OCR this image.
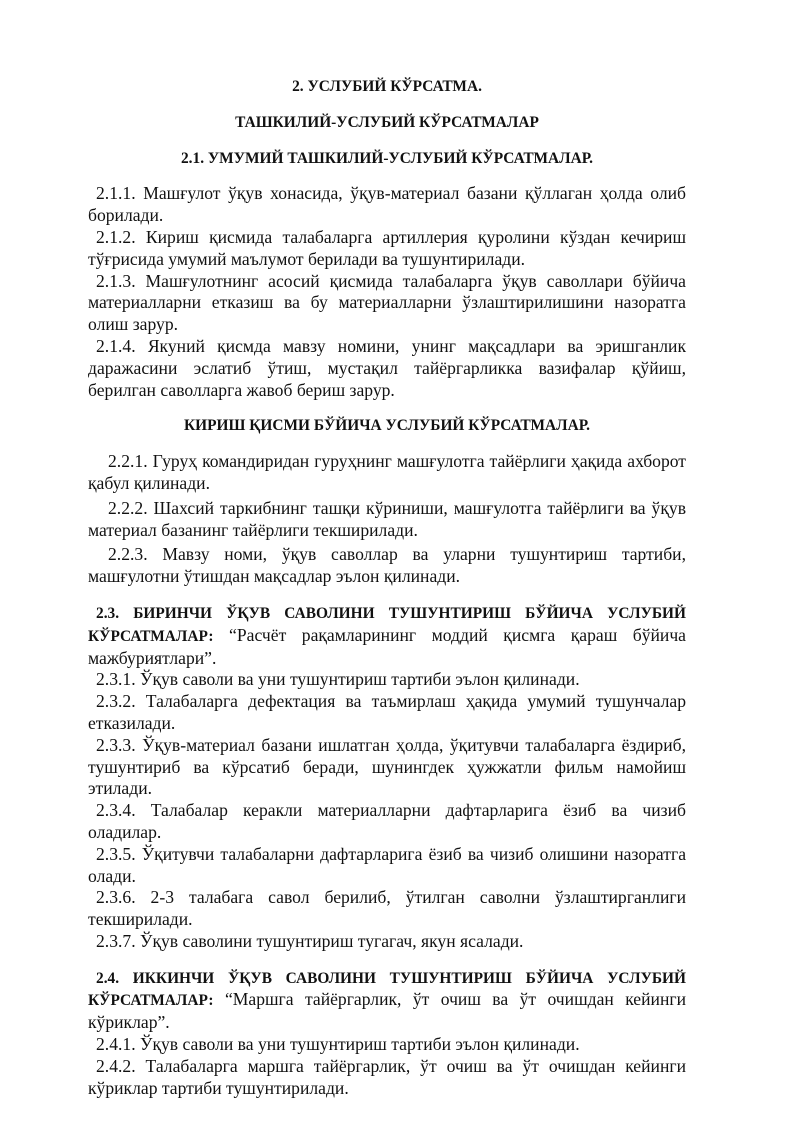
2. УСЛУБИЙ КЎРСАТМА.

ТАШКИЛИЙ-УСЛУБИЙ КЎРСАТМАЛАР

2.1. УМУМИЙ ТАШКИЛИЙ-УСЛУБИЙ КЎРСАТМАЛАР.

2.1.1. Машғулот ўқув хонасида, ўқув-материал базани қўллаган ҳолда олиб борилади.

2.1.2. Кириш қисмида талабаларга артиллерия қуролини кўздан кечириш тўғрисида умумий маълумот берилади ва тушунтирилади.

2.1.3. Машғулотнинг асосий қисмида талабаларга ўқув саволлари бўйича материалларни етказиш ва бу материалларни ўзлаштирилишини назоратга олиш зарур.

2.1.4. Якуний қисмда мавзу номини, унинг мақсадлари ва эришганлик даражасини эслатиб ўтиш, мустақил тайёргарликка вазифалар қўйиш, берилган саволларга жавоб бериш зарур.

КИРИШ ҚИСМИ БЎЙИЧА УСЛУБИЙ КЎРСАТМАЛАР.

2.2.1. Гуруҳ командиридан гуруҳнинг машғулотга тайёрлиги ҳақида ахборот қабул қилинади.

2.2.2. Шахсий таркибнинг ташқи кўриниши, машғулотга тайёрлиги ва ўқув материал базанинг тайёрлиги текширилади.

2.2.3. Мавзу номи, ўқув саволлар ва уларни тушунтириш тартиби, машғулотни ўтишдан мақсадлар эълон қилинади.

2.3. БИРИНЧИ ЎҚУВ САВОЛИНИ ТУШУНТИРИШ БЎЙИЧА УСЛУБИЙ КЎРСАТМАЛАР: “Расчёт рақамларининг моддий қисмга қараш бўйича мажбуриятлари”.

2.3.1. Ўқув саволи ва уни тушунтириш тартиби эълон қилинади.

2.3.2. Талабаларга дефектация ва таъмирлаш ҳақида умумий тушунчалар етказилади.

2.3.3. Ўқув-материал базани ишлатган ҳолда, ўқитувчи талабаларга ёздириб, тушунтириб ва кўрсатиб беради, шунингдек ҳужжатли фильм намойиш этилади.

2.3.4. Талабалар керакли материалларни дафтарларига ёзиб ва чизиб оладилар.

2.3.5. Ўқитувчи талабаларни дафтарларига ёзиб ва чизиб олишини назоратга олади.

2.3.6. 2-3 талабага савол берилиб, ўтилган саволни ўзлаштирганлиги текширилади.

2.3.7. Ўқув саволини тушунтириш тугагач, якун ясалади.

2.4. ИККИНЧИ ЎҚУВ САВОЛИНИ ТУШУНТИРИШ БЎЙИЧА УСЛУБИЙ КЎРСАТМАЛАР: “Маршга тайёргарлик, ўт очиш ва ўт очишдан кейинги кўриклар”.

2.4.1. Ўқув саволи ва уни тушунтириш тартиби эълон қилинади.

2.4.2. Талабаларга маршга тайёргарлик, ўт очиш ва ўт очишдан кейинги кўриклар тартиби тушунтирилади.
